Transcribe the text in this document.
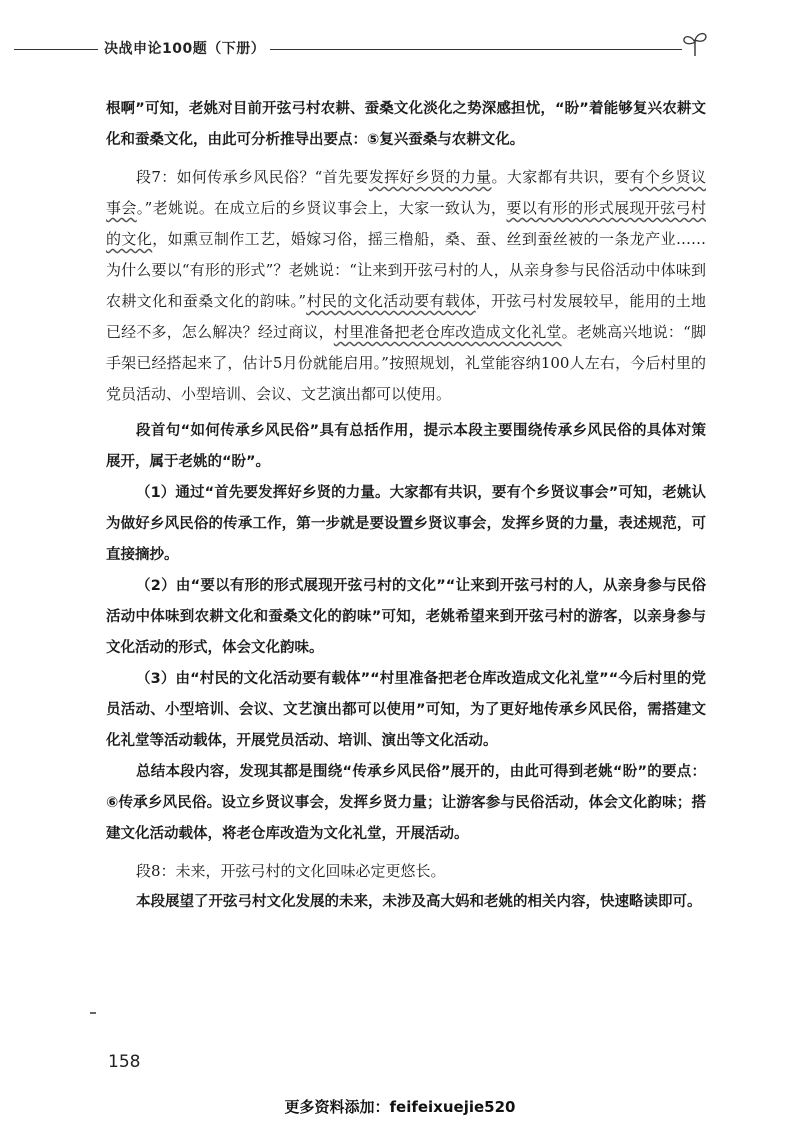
决战申论100题（下册）

根啊”可知，老姚对目前开弦弓村农耕、蚕桑文化淡化之势深感担忧，“盼”着能够复兴农耕文化和蚕桑文化，由此可分析推导出要点：⑤复兴蚕桑与农耕文化。

段7：如何传承乡风民俗？“首先要发挥好乡贤的力量。大家都有共识，要有个乡贤议事会。”老姚说。在成立后的乡贤议事会上，大家一致认为，要以有形的形式展现开弦弓村的文化，如熏豆制作工艺，婚嫁习俗，摇三橹船，桑、蚕、丝到蚕丝被的一条龙产业……为什么要以“有形的形式”？老姚说：“让来到开弦弓村的人，从亲身参与民俗活动中体味到农耕文化和蚕桑文化的韵味。”村民的文化活动要有载体，开弦弓村发展较早，能用的土地已经不多，怎么解决？经过商议，村里准备把老仓库改造成文化礼堂。老姚高兴地说：“脚手架已经搭起来了，估计5月份就能启用。”按照规划，礼堂能容纳100人左右，今后村里的党员活动、小型培训、会议、文艺演出都可以使用。

段首句“如何传承乡风民俗”具有总括作用，提示本段主要围绕传承乡风民俗的具体对策展开，属于老姚的“盼”。

（1）通过“首先要发挥好乡贤的力量。大家都有共识，要有个乡贤议事会”可知，老姚认为做好乡风民俗的传承工作，第一步就是要设置乡贤议事会，发挥乡贤的力量，表述规范，可直接摘抄。

（2）由“要以有形的形式展现开弦弓村的文化”“让来到开弦弓村的人，从亲身参与民俗活动中体味到农耕文化和蚕桑文化的韵味”可知，老姚希望来到开弦弓村的游客，以亲身参与文化活动的形式，体会文化韵味。

（3）由“村民的文化活动要有载体”“村里准备把老仓库改造成文化礼堂”“今后村里的党员活动、小型培训、会议、文艺演出都可以使用”可知，为了更好地传承乡风民俗，需搭建文化礼堂等活动载体，开展党员活动、培训、演出等文化活动。

总结本段内容，发现其都是围绕“传承乡风民俗”展开的，由此可得到老姚“盼”的要点：⑥传承乡风民俗。设立乡贤议事会，发挥乡贤力量；让游客参与民俗活动，体会文化韵味；搭建文化活动载体，将老仓库改造为文化礼堂，开展活动。

段8：未来，开弦弓村的文化回味必定更悠长。

本段展望了开弦弓村文化发展的未来，未涉及高大妈和老姚的相关内容，快速略读即可。

158
更多资料添加：feifeixuejie520
